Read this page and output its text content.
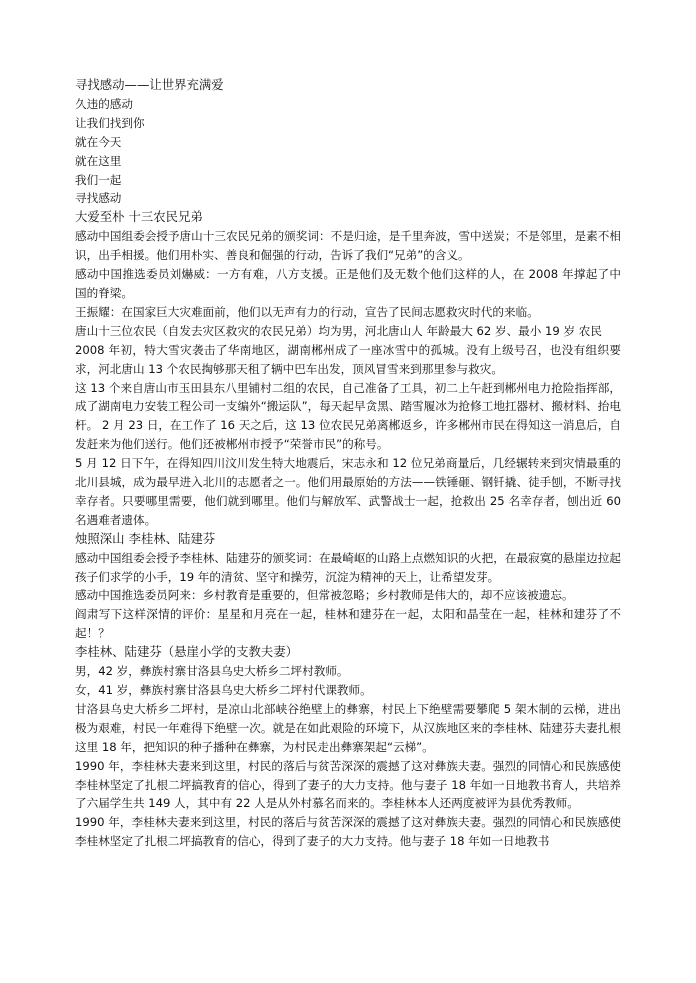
寻找感动——让世界充满爱

久违的感动

让我们找到你

就在今天

就在这里

我们一起

寻找感动

大爱至朴 十三农民兄弟

感动中国组委会授予唐山十三农民兄弟的颁奖词：不是归途，是千里奔波，雪中送炭；不是邻里，是素不相识，出手相援。他们用朴实、善良和倔强的行动，告诉了我们“兄弟”的含义。

感动中国推选委员刘爀威：一方有难，八方支援。正是他们及无数个他们这样的人，在 2008 年撑起了中国的脊梁。

王振耀：在国家巨大灾难面前，他们以无声有力的行动，宣告了民间志愿救灾时代的来临。

唐山十三位农民（自发去灾区救灾的农民兄弟）均为男，河北唐山人 年龄最大 62 岁、最小 19 岁 农民

2008 年初，特大雪灾袭击了华南地区，湖南郴州成了一座冰雪中的孤城。没有上级号召，也没有组织要求，河北唐山 13 个农民掏够那天租了辆中巴车出发，顶风冒雪来到那里参与救灾。

这 13 个来自唐山市玉田县东八里铺村二组的农民，自己准备了工具，初二上午赶到郴州电力抢险指挥部，成了湖南电力安装工程公司一支编外“搬运队”，每天起早贪黑、踏雪履冰为抢修工地扛器材、搬材料、抬电杆。 2 月 23 日，在工作了 16 天之后，这 13 位农民兄弟离郴返乡，许多郴州市民在得知这一消息后，自发赶来为他们送行。他们还被郴州市授予“荣誉市民”的称号。

5 月 12 日下午，在得知四川汶川发生特大地震后，宋志永和 12 位兄弟商量后，几经辗转来到灾情最重的北川县城，成为最早进入北川的志愿者之一。他们用最原始的方法——铁锤砸、钢钎撬、徒手刨，不断寻找幸存者。只要哪里需要，他们就到哪里。他们与解放军、武警战士一起，抢救出 25 名幸存者，刨出近 60 名遇难者遗体。

烛照深山 李桂林、陆建芬

感动中国组委会授予李桂林、陆建芬的颁奖词：在最崎岖的山路上点燃知识的火把，在最寂寞的悬崖边拉起孩子们求学的小手，19 年的清贫、坚守和操劳，沉淀为精神的天上，让希望发芽。

感动中国推选委员阿来：乡村教育是重要的，但常被忽略；乡村教师是伟大的，却不应该被遗忘。

阎肃写下这样深情的评价：星星和月亮在一起，桂林和建芬在一起，太阳和晶莹在一起，桂林和建芬了不起！？

李桂林、陆建芬（悬崖小学的支教夫妻）

男，42 岁，彝族村寨甘洛县乌史大桥乡二坪村教师。

女，41 岁，彝族村寨甘洛县乌史大桥乡二坪村代课教师。

甘洛县乌史大桥乡二坪村，是凉山北部峡谷绝壁上的彝寨，村民上下绝壁需要攀爬 5 架木制的云梯，进出极为艰难，村民一年难得下绝壁一次。就是在如此艰险的环境下，从汉族地区来的李桂林、陆建芬夫妻扎根这里 18 年，把知识的种子播种在彝寨，为村民走出彝寨架起“云梯”。

1990 年，李桂林夫妻来到这里，村民的落后与贫苦深深的震撼了这对彝族夫妻。强烈的同情心和民族感使李桂林坚定了扎根二坪搞教育的信心，得到了妻子的大力支持。他与妻子 18 年如一日地教书育人，共培养了六届学生共 149 人，其中有 22 人是从外村慕名而来的。李桂林本人还两度被评为县优秀教师。

1990 年，李桂林夫妻来到这里，村民的落后与贫苦深深的震撼了这对彝族夫妻。强烈的同情心和民族感使李桂林坚定了扎根二坪搞教育的信心，得到了妻子的大力支持。他与妻子 18 年如一日地教书
